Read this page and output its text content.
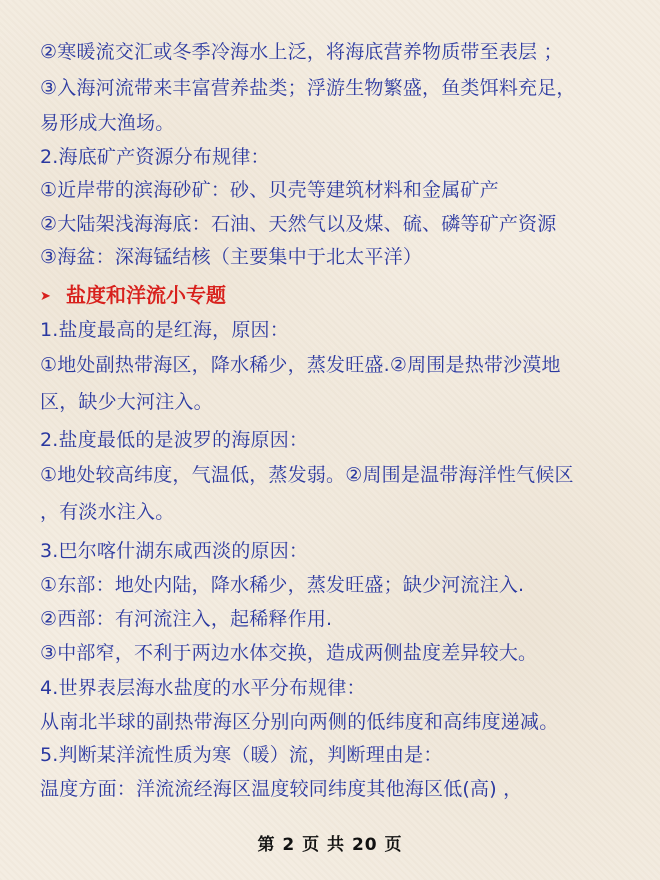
②寒暖流交汇或冬季冷海水上泛，将海底营养物质带至表层 ；
③入海河流带来丰富营养盐类；浮游生物繁盛，鱼类饵料充足，
易形成大渔场。
2.海底矿产资源分布规律：
①近岸带的滨海砂矿：砂、贝壳等建筑材料和金属矿产
②大陆架浅海海底：石油、天然气以及煤、硫、磷等矿产资源
③海盆：深海锰结核（主要集中于北太平洋）
➤ 盐度和洋流小专题
1.盐度最高的是红海，原因：
①地处副热带海区，降水稀少，蒸发旺盛.②周围是热带沙漠地
区，缺少大河注入。
2.盐度最低的是波罗的海原因：
①地处较高纬度，气温低，蒸发弱。②周围是温带海洋性气候区
，有淡水注入。
3.巴尔喀什湖东咸西淡的原因：
①东部：地处内陆，降水稀少，蒸发旺盛；缺少河流注入.
②西部：有河流注入，起稀释作用.
③中部窄，不利于两边水体交换，造成两侧盐度差异较大。
4.世界表层海水盐度的水平分布规律：
从南北半球的副热带海区分别向两侧的低纬度和高纬度递减。
5.判断某洋流性质为寒（暖）流，判断理由是：
温度方面：洋流流经海区温度较同纬度其他海区低(高) ，
第 2 页 共 20 页
